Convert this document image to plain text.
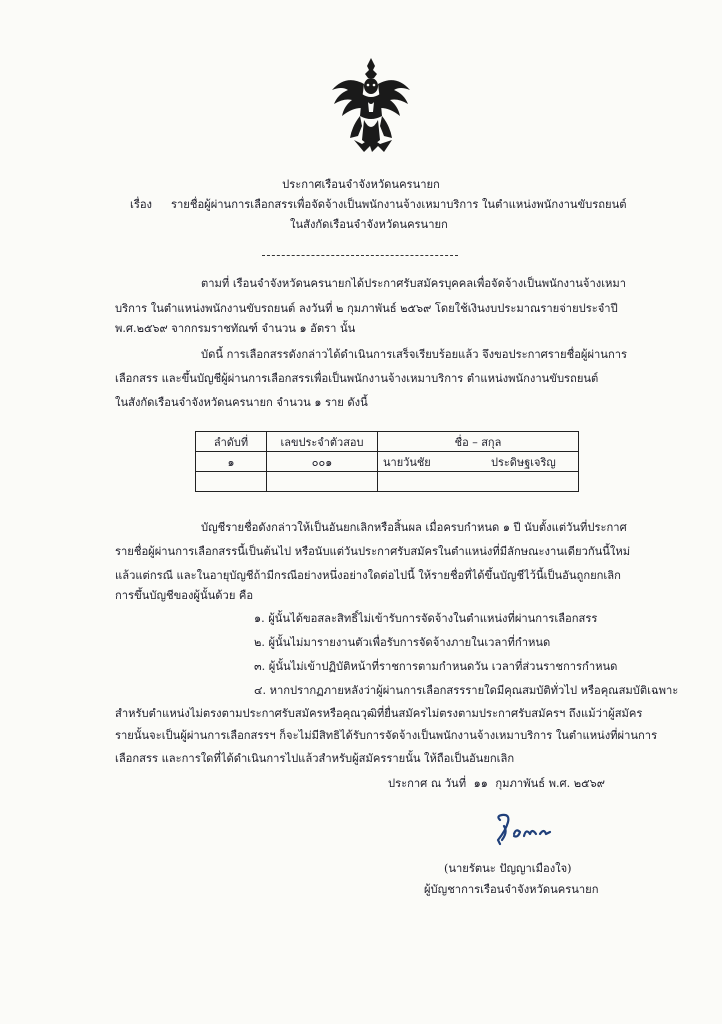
ประกาศเรือนจำจังหวัดนครนายก
เรื่อง รายชื่อผู้ผ่านการเลือกสรรเพื่อจัดจ้างเป็นพนักงานจ้างเหมาบริการ ในตำแหน่งพนักงานขับรถยนต์
ในสังกัดเรือนจำจังหวัดนครนายก
ตามที่ เรือนจำจังหวัดนครนายกได้ประกาศรับสมัครบุคคลเพื่อจัดจ้างเป็นพนักงานจ้างเหมา
บริการ ในตำแหน่งพนักงานขับรถยนต์ ลงวันที่ ๒ กุมภาพันธ์ ๒๕๖๙ โดยใช้เงินงบประมาณรายจ่ายประจำปี
พ.ศ.๒๕๖๙ จากกรมราชทัณฑ์ จำนวน ๑ อัตรา นั้น
บัดนี้ การเลือกสรรดังกล่าวได้ดำเนินการเสร็จเรียบร้อยแล้ว จึงขอประกาศรายชื่อผู้ผ่านการ
เลือกสรร และขึ้นบัญชีผู้ผ่านการเลือกสรรเพื่อเป็นพนักงานจ้างเหมาบริการ ตำแหน่งพนักงานขับรถยนต์
ในสังกัดเรือนจำจังหวัดนครนายก จำนวน ๑ ราย ดังนี้
ลำดับที่	เลขประจำตัวสอบ	ชื่อ – สกุล
๑	๐๐๑	นายวันชัย ประดิษฐเจริญ

บัญชีรายชื่อดังกล่าวให้เป็นอันยกเลิกหรือสิ้นผล เมื่อครบกำหนด ๑ ปี นับตั้งแต่วันที่ประกาศ
รายชื่อผู้ผ่านการเลือกสรรนี้เป็นต้นไป หรือนับแต่วันประกาศรับสมัครในตำแหน่งที่มีลักษณะงานเดียวกันนี้ใหม่
แล้วแต่กรณี และในอายุบัญชีถ้ามีกรณีอย่างหนึ่งอย่างใดต่อไปนี้ ให้รายชื่อที่ได้ขึ้นบัญชีไว้นี้เป็นอันถูกยกเลิก
การขึ้นบัญชีของผู้นั้นด้วย คือ
๑. ผู้นั้นได้ขอสละสิทธิ์ไม่เข้ารับการจัดจ้างในตำแหน่งที่ผ่านการเลือกสรร
๒. ผู้นั้นไม่มารายงานตัวเพื่อรับการจัดจ้างภายในเวลาที่กำหนด
๓. ผู้นั้นไม่เข้าปฏิบัติหน้าที่ราชการตามกำหนดวัน เวลาที่ส่วนราชการกำหนด
๔. หากปรากฏภายหลังว่าผู้ผ่านการเลือกสรรรายใดมีคุณสมบัติทั่วไป หรือคุณสมบัติเฉพาะ
สำหรับตำแหน่งไม่ตรงตามประกาศรับสมัครหรือคุณวุฒิที่ยื่นสมัครไม่ตรงตามประกาศรับสมัครฯ ถึงแม้ว่าผู้สมัคร
รายนั้นจะเป็นผู้ผ่านการเลือกสรรฯ ก็จะไม่มีสิทธิได้รับการจัดจ้างเป็นพนักงานจ้างเหมาบริการ ในตำแหน่งที่ผ่านการ
เลือกสรร และการใดที่ได้ดำเนินการไปแล้วสำหรับผู้สมัครรายนั้น ให้ถือเป็นอันยกเลิก
ประกาศ ณ วันที่ ๑๑ กุมภาพันธ์ พ.ศ. ๒๕๖๙
(นายรัตนะ ปัญญาเมืองใจ)
ผู้บัญชาการเรือนจำจังหวัดนครนายก
